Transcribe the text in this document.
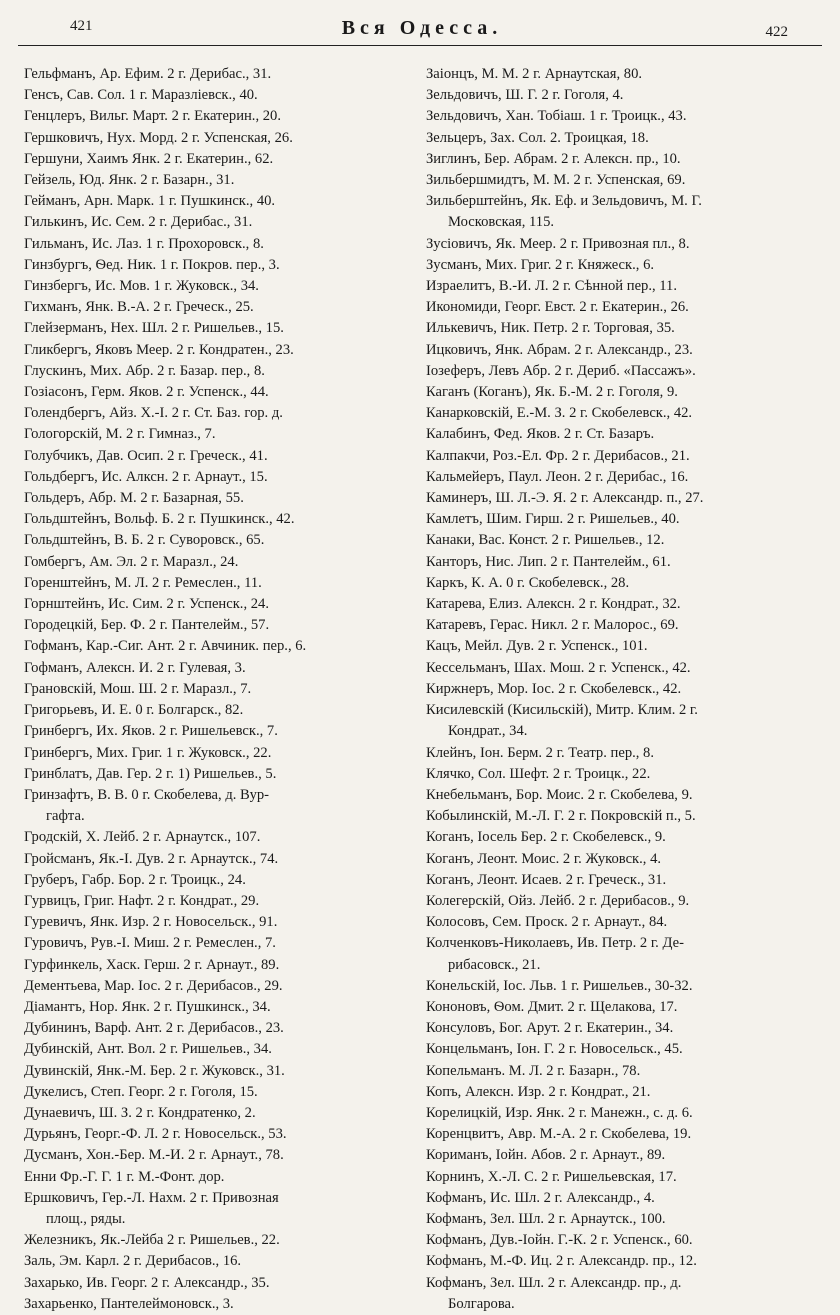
421	Вся Одесса.	422
Гельфманъ, Ар. Ефим. 2 г. Дерибас., 31.
Генсъ, Сав. Сол. 1 г. Маразліевск., 40.
Генцлеръ, Вильг. Март. 2 г. Екатерин., 20.
Гершковичъ, Нух. Морд. 2 г. Успенская, 26.
Гершуни, Хаимъ Янк. 2 г. Екатерин., 62.
Гейзель, Юд. Янк. 2 г. Базарн., 31.
Гейманъ, Арн. Марк. 1 г. Пушкинск., 40.
Гилькинъ, Ис. Сем. 2 г. Дерибас., 31.
Гильманъ, Ис. Лаз. 1 г. Прохоровск., 8.
Гинзбургъ, Ѳед. Ник. 1 г. Покров. пер., 3.
Гинзбергъ, Ис. Мов. 1 г. Жуковск., 34.
Гихманъ, Янк. В.-А. 2 г. Греческ., 25.
Глейзерманъ, Нех. Шл. 2 г. Ришельев., 15.
Гликбергъ, Яковъ Меер. 2 г. Кондратен., 23.
Глускинъ, Мих. Абр. 2 г. Базар. пер., 8.
Гозіасонъ, Герм. Яков. 2 г. Успенск., 44.
Голендбергъ, Айз. Х.-І. 2 г. Ст. Баз. гор. д.
Гологорскій, М. 2 г. Гимназ., 7.
Голубчикъ, Дав. Осип. 2 г. Греческ., 41.
Гольдбергъ, Ис. Алксн. 2 г. Арнаут., 15.
Гольдеръ, Абр. М. 2 г. Базарная, 55.
Гольдштейнъ, Вольф. Б. 2 г. Пушкинск., 42.
Гольдштейнъ, В. Б. 2 г. Суворовск., 65.
Гомбергъ, Ам. Эл. 2 г. Маразл., 24.
Горенштейнъ, М. Л. 2 г. Ремеслен., 11.
Горнштейнъ, Ис. Сим. 2 г. Успенск., 24.
Городецкій, Бер. Ф. 2 г. Пантелейм., 57.
Гофманъ, Кар.-Сиг. Ант. 2 г. Авчиник. пер., 6.
Гофманъ, Алексн. И. 2 г. Гулевая, 3.
Грановскій, Мош. Ш. 2 г. Маразл., 7.
Григорьевъ, И. Е. 0 г. Болгарск., 82.
Гринбергъ, Их. Яков. 2 г. Ришельевск., 7.
Гринбергъ, Мих. Григ. 1 г. Жуковск., 22.
Гринблатъ, Дав. Гер. 2 г. 1) Ришельев., 5.
Гринзафтъ, В. В. 0 г. Скобелева, д. Вур-
гафта.
Гродскій, Х. Лейб. 2 г. Арнаутск., 107.
Гройсманъ, Як.-І. Дув. 2 г. Арнаутск., 74.
Груберъ, Габр. Бор. 2 г. Троицк., 24.
Гурвицъ, Григ. Нафт. 2 г. Кондрат., 29.
Гуревичъ, Янк. Изр. 2 г. Новосельск., 91.
Гуровичъ, Рув.-І. Миш. 2 г. Ремеслен., 7.
Гурфинкель, Хаск. Герш. 2 г. Арнаут., 89.
Дементьева, Мар. Іос. 2 г. Дерибасов., 29.
Діамантъ, Нор. Янк. 2 г. Пушкинск., 34.
Дубининъ, Варф. Ант. 2 г. Дерибасов., 23.
Дубинскій, Ант. Вол. 2 г. Ришельев., 34.
Дувинскій, Янк.-М. Бер. 2 г. Жуковск., 31.
Дукелисъ, Степ. Георг. 2 г. Гоголя, 15.
Дунаевичъ, Ш. З. 2 г. Кондратенко, 2.
Дурьянъ, Георг.-Ф. Л. 2 г. Новосельск., 53.
Дусманъ, Хон.-Бер. М.-И. 2 г. Арнаут., 78.
Енни Фр.-Г. Г. 1 г. М.-Фонт. дор.
Ершковичъ, Гер.-Л. Нахм. 2 г. Привозная
площ., ряды.
Железникъ, Як.-Лейба 2 г. Ришельев., 22.
Заль, Эм. Карл. 2 г. Дерибасов., 16.
Захарько, Ив. Георг. 2 г. Александр., 35.
Захарьенко, Пантелеймоновск., 3.
Заіонцъ, М. М. 2 г. Арнаутская, 80.
Зельдовичъ, Ш. Г. 2 г. Гоголя, 4.
Зельдовичъ, Хан. Тобіаш. 1 г. Троицк., 43.
Зельцеръ, Зах. Сол. 2. Троицкая, 18.
Зиглинъ, Бер. Абрам. 2 г. Алексн. пр., 10.
Зильбершмидтъ, М. М. 2 г. Успенская, 69.
Зильберштейнъ, Як. Еф. и Зельдовичъ, М. Г.
Московская, 115.
Зусіовичъ, Як. Меер. 2 г. Привозная пл., 8.
Зусманъ, Мих. Григ. 2 г. Княжеск., 6.
Израелитъ, В.-И. Л. 2 г. Сѣнной пер., 11.
Икономиди, Георг. Евст. 2 г. Екатерин., 26.
Илькевичъ, Ник. Петр. 2 г. Торговая, 35.
Ицковичъ, Янк. Абрам. 2 г. Александр., 23.
Іозеферъ, Левъ Абр. 2 г. Дериб. «Пассажъ».
Каганъ (Коганъ), Як. Б.-М. 2 г. Гоголя, 9.
Канарковскій, Е.-М. З. 2 г. Скобелевск., 42.
Калабинъ, Фед. Яков. 2 г. Ст. Базаръ.
Калпакчи, Роз.-Ел. Фр. 2 г. Дерибасов., 21.
Кальмейеръ, Паул. Леон. 2 г. Дерибас., 16.
Каминеръ, Ш. Л.-Э. Я. 2 г. Александр. п., 27.
Камлетъ, Шим. Гирш. 2 г. Ришельев., 40.
Канаки, Вас. Конст. 2 г. Ришельев., 12.
Канторъ, Нис. Лип. 2 г. Пантелейм., 61.
Каркъ, К. А. 0 г. Скобелевск., 28.
Катарева, Елиз. Алексн. 2 г. Кондрат., 32.
Катаревъ, Герас. Никл. 2 г. Малорос., 69.
Кацъ, Мейл. Дув. 2 г. Успенск., 101.
Кессельманъ, Шах. Мош. 2 г. Успенск., 42.
Киржнеръ, Мор. Іос. 2 г. Скобелевск., 42.
Кисилевскій (Кисильскій), Митр. Клим. 2 г.
Кондрат., 34.
Клейнъ, Іон. Берм. 2 г. Театр. пер., 8.
Клячко, Сол. Шефт. 2 г. Троицк., 22.
Кнебельманъ, Бор. Моис. 2 г. Скобелева, 9.
Кобылинскій, М.-Л. Г. 2 г. Покровскій п., 5.
Коганъ, Іосель Бер. 2 г. Скобелевск., 9.
Коганъ, Леонт. Моис. 2 г. Жуковск., 4.
Коганъ, Леонт. Исаев. 2 г. Греческ., 31.
Колегерскій, Ойз. Лейб. 2 г. Дерибасов., 9.
Колосовъ, Сем. Проск. 2 г. Арнаут., 84.
Колченковъ-Николаевъ, Ив. Петр. 2 г. Де-
рибасовск., 21.
Конельскій, Іос. Льв. 1 г. Ришельев., 30-32.
Кононовъ, Ѳом. Дмит. 2 г. Щелакова, 17.
Консуловъ, Бог. Арут. 2 г. Екатерин., 34.
Концельманъ, Іон. Г. 2 г. Новосельск., 45.
Копельманъ. М. Л. 2 г. Базарн., 78.
Копъ, Алексн. Изр. 2 г. Кондрат., 21.
Корелицкій, Изр. Янк. 2 г. Манежн., с. д. 6.
Коренцвитъ, Авр. М.-А. 2 г. Скобелева, 19.
Кориманъ, Іойн. Абов. 2 г. Арнаут., 89.
Корнинъ, Х.-Л. С. 2 г. Ришельевская, 17.
Кофманъ, Ис. Шл. 2 г. Александр., 4.
Кофманъ, Зел. Шл. 2 г. Арнаутск., 100.
Кофманъ, Дув.-Іойн. Г.-К. 2 г. Успенск., 60.
Кофманъ, М.-Ф. Иц. 2 г. Александр. пр., 12.
Кофманъ, Зел. Шл. 2 г. Александр. пр., д.
Болгарова.
